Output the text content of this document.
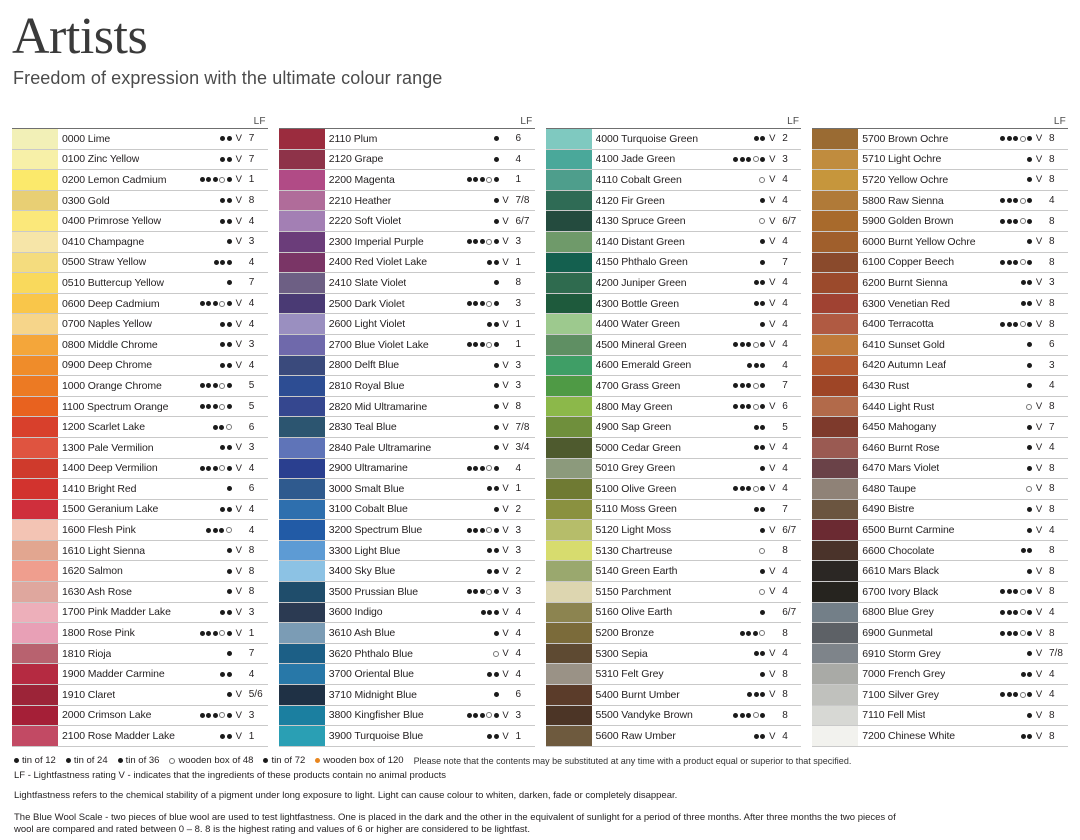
Artists
Freedom of expression with the ultimate colour range
LF
0000 Lime	V 7
0100 Zinc Yellow	V 7
0200 Lemon Cadmium	V 1
0300 Gold	V 8
0400 Primrose Yellow	V 4
0410 Champagne	V 3
0500 Straw Yellow	4
0510 Buttercup Yellow	7
0600 Deep Cadmium	V 4
0700 Naples Yellow	V 4
0800 Middle Chrome	V 3
0900 Deep Chrome	V 4
1000 Orange Chrome	5
1100 Spectrum Orange	5
1200 Scarlet Lake	6
1300 Pale Vermilion	V 3
1400 Deep Vermilion	V 4
1410 Bright Red	6
1500 Geranium Lake	V 4
1600 Flesh Pink	4
1610 Light Sienna	V 8
1620 Salmon	V 8
1630 Ash Rose	V 8
1700 Pink Madder Lake	V 3
1800 Rose Pink	V 1
1810 Rioja	7
1900 Madder Carmine	4
1910 Claret	V 5/6
2000 Crimson Lake	V 3
2100 Rose Madder Lake	V 1
LF
2110 Plum	6
2120 Grape	4
2200 Magenta	1
2210 Heather	V 7/8
2220 Soft Violet	V 6/7
2300 Imperial Purple	V 3
2400 Red Violet Lake	V 1
2410 Slate Violet	8
2500 Dark Violet	3
2600 Light Violet	V 1
2700 Blue Violet Lake	1
2800 Delft Blue	V 3
2810 Royal Blue	V 3
2820 Mid Ultramarine	V 8
2830 Teal Blue	V 7/8
2840 Pale Ultramarine	V 3/4
2900 Ultramarine	4
3000 Smalt Blue	V 1
3100 Cobalt Blue	V 2
3200 Spectrum Blue	V 3
3300 Light Blue	V 3
3400 Sky Blue	V 2
3500 Prussian Blue	V 3
3600 Indigo	V 4
3610 Ash Blue	V 4
3620 Phthalo Blue	V 4
3700 Oriental Blue	V 4
3710 Midnight Blue	6
3800 Kingfisher Blue	V 3
3900 Turquoise Blue	V 1
LF
4000 Turquoise Green	V 2
4100 Jade Green	V 3
4110 Cobalt Green	V 4
4120 Fir Green	V 4
4130 Spruce Green	V 6/7
4140 Distant Green	V 4
4150 Phthalo Green	7
4200 Juniper Green	V 4
4300 Bottle Green	V 4
4400 Water Green	V 4
4500 Mineral Green	V 4
4600 Emerald Green	4
4700 Grass Green	7
4800 May Green	V 6
4900 Sap Green	5
5000 Cedar Green	V 4
5010 Grey Green	V 4
5100 Olive Green	V 4
5110 Moss Green	7
5120 Light Moss	V 6/7
5130 Chartreuse	8
5140 Green Earth	V 4
5150 Parchment	V 4
5160 Olive Earth	6/7
5200 Bronze	8
5300 Sepia	V 4
5310 Felt Grey	V 8
5400 Burnt Umber	V 8
5500 Vandyke Brown	8
5600 Raw Umber	V 4
LF
5700 Brown Ochre	V 8
5710 Light Ochre	V 8
5720 Yellow Ochre	V 8
5800 Raw Sienna	4
5900 Golden Brown	8
6000 Burnt Yellow Ochre	V 8
6100 Copper Beech	8
6200 Burnt Sienna	V 3
6300 Venetian Red	V 8
6400 Terracotta	V 8
6410 Sunset Gold	6
6420 Autumn Leaf	3
6430 Rust	4
6440 Light Rust	V 8
6450 Mahogany	V 7
6460 Burnt Rose	V 4
6470 Mars Violet	V 8
6480 Taupe	V 8
6490 Bistre	V 8
6500 Burnt Carmine	V 4
6600 Chocolate	8
6610 Mars Black	V 8
6700 Ivory Black	V 8
6800 Blue Grey	V 4
6900 Gunmetal	V 8
6910 Storm Grey	V 7/8
7000 French Grey	V 4
7100 Silver Grey	V 4
7110 Fell Mist	V 8
7200 Chinese White	V 8
tin of 12 tin of 24 tin of 36 wooden box of 48 tin of 72 wooden box of 120 Please note that the contents may be substituted at any time with a product equal or superior to that specified.
LF - Lightfastness rating V - indicates that the ingredients of these products contain no animal products
Lightfastness refers to the chemical stability of a pigment under long exposure to light. Light can cause colour to whiten, darken, fade or completely disappear.
The Blue Wool Scale - two pieces of blue wool are used to test lightfastness. One is placed in the dark and the other in the equivalent of sunlight for a period of three months. After three months the two pieces of
wool are compared and rated between 0 – 8. 8 is the highest rating and values of 6 or higher are considered to be lightfast.
